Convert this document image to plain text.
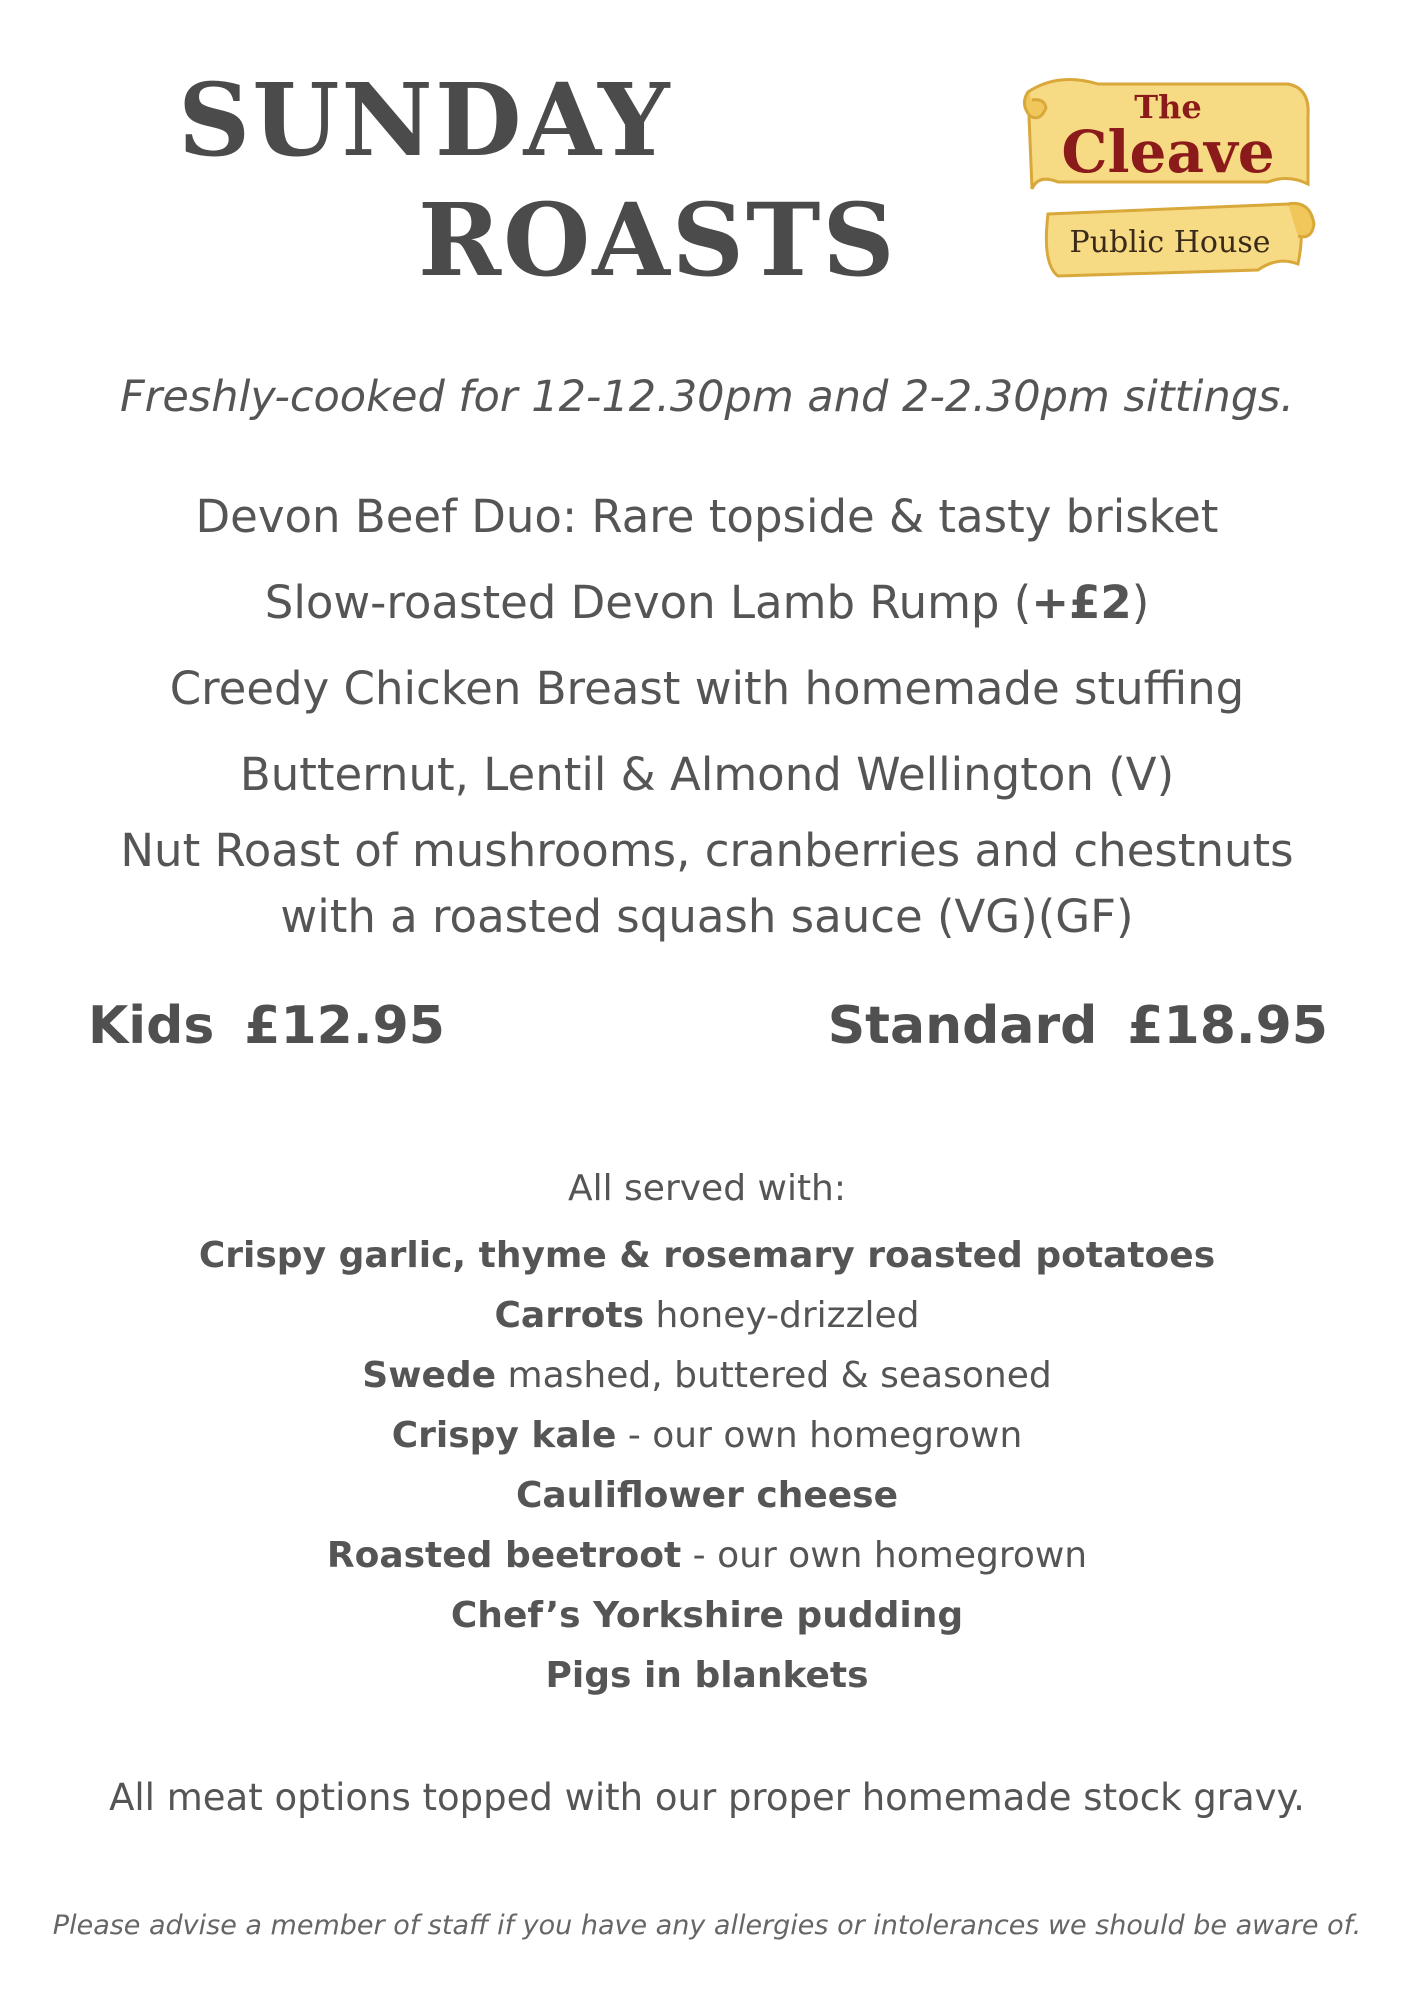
SUNDAY
ROASTS
The
Cleave
Public House
Freshly-cooked for 12-12.30pm and 2-2.30pm sittings.
Devon Beef Duo: Rare topside & tasty brisket
Slow-roasted Devon Lamb Rump (+£2)
Creedy Chicken Breast with homemade stuffing
Butternut, Lentil & Almond Wellington (V)
Nut Roast of mushrooms, cranberries and chestnuts
with a roasted squash sauce (VG)(GF)
Kids £12.95	Standard £18.95
All served with:
Crispy garlic, thyme & rosemary roasted potatoes
Carrots honey-drizzled
Swede mashed, buttered & seasoned
Crispy kale - our own homegrown
Cauliflower cheese
Roasted beetroot - our own homegrown
Chef’s Yorkshire pudding
Pigs in blankets
All meat options topped with our proper homemade stock gravy.
Please advise a member of staff if you have any allergies or intolerances we should be aware of.
